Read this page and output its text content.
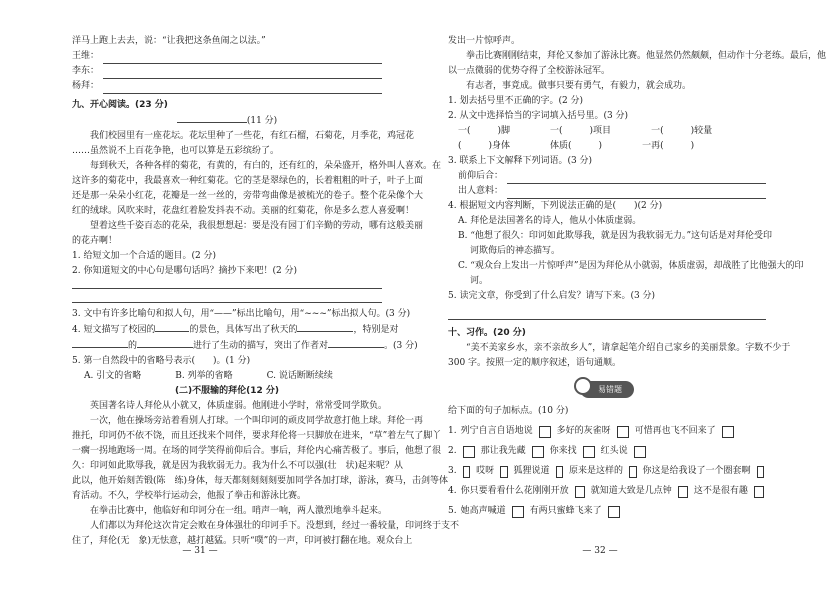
洋马上跑上去去，说：“让我把这条鱼闹之以法。”
王维：
李东：
杨拜：
九、开心阅读。(23 分)
(11 分)
我们校园里有一座花坛。花坛里种了一些花，有红石榴，石菊花，月季花，鸡冠花
……虽然说不上百花争艳，也可以算是五彩缤纷了。
每到秋天，各种各样的菊花，有黄的，有白的，还有红的，朵朵盛开，格外叫人喜欢。在
这许多的菊花中，我最喜欢一种红菊花。它的茎是翠绿色的，长着粗粗的叶子，叶子上面
还是那一朵朵小红花，花瓣是一丝一丝的，旁带弯曲像是被梳光的卷子。整个花朵像个大
红的绒球。风吹来时，花盘红着脸发抖表不动。美丽的红菊花，你是多么惹人喜爱啊！
望着这些千姿百态的花朵，我很想想起：要是没有园丁们辛勤的劳动，哪有这般美丽
的花卉啊！
1. 给短文加一个合适的题目。(2 分)
2. 你知道短文的中心句是哪句话吗？摘抄下来吧！(2 分)
3. 文中有许多比喻句和拟人句，用“——”标出比喻句，用“~~~”标出拟人句。(3 分)
4. 短文描写了校园的	的景色，具体写出了秋天的	，特别是对
的	进行了生动的描写，突出了作者对	。(3 分)
5. 第一自然段中的省略号表示(　　)。(1 分)
A. 引文的省略	B. 列举的省略	C. 说话断断续续
(二)不服输的拜伦(12 分)
英国著名诗人拜伦从小就又，体质虚弱。他刚进小学时，常常受同学欺负。
一次，他在操场旁站着看别人打球。一个叫印诃的顽皮同学故意打他上球。拜伦一再
推托，印诃仍不依不饶，而且还找来个同伴，要求拜伦将一只脚放在进来，“草”着左气了脚丫
一瘸一拐地跑场一周。在场的同学笑得前仰后合。事后，拜伦内心痛苦极了。事后，他想了很
久：印诃如此欺辱我，就是因为我软弱无力。我为什么不可以强(壮　状)起来呢？从
此以，他开始刻苦锻(陈　练)身体，每天都刻刻刻刻要加同学各加打球，游泳，赛马，击剑等体
育活动。不久，学校举行运动会，他报了拳击和游泳比赛。
在拳击比赛中，他临好和印诃分在一组。哨声一响，两人激烈地拳斗起来。
人们都以为拜伦这次肯定会败在身体强壮的印诃手下。没想到，经过一番较量，印诃终于支不
住了，拜伦(无　象)无怯意，越打越猛。只听“噗”的一声，印诃被打翻在地。观众台上
— 31 —
发出一片惊呼声。
拳击比赛刚刚结束，拜伦又参加了游泳比赛。他显然仍然颇颇，但动作十分老练。最后，他
以一点微弱的优势夺得了全校游泳冠军。
有志者，事竟成。做事只要有勇气，有毅力，就会成功。
1. 划去括号里不正确的字。(2 分)
2. 从文中选择恰当的字词填入括号里。(3 分)
一(　　　)脚	一(　　　)项目	一(　　　)较量
(　　　)身体	体质(　　　)	一再(　　　)
3. 联系上下文解释下列词语。(3 分)
前仰后合：
出人意料：
4. 根据短文内容判断，下列说法正确的是(　　)(2 分)
A. 拜伦是法国著名的诗人，他从小体质虚弱。
B. “他想了很久：印诃如此欺辱我，就是因为我软弱无力。”这句话是对拜伦受印
诃欺侮后的神态描写。
C. “观众台上发出一片惊呼声”是因为拜伦从小就弱，体质虚弱，却战胜了比他强大的印
诃。
5. 读完文章，你受到了什么启发？请写下来。(3 分)
十、习作。(20 分)
“美不美家乡水，亲不亲故乡人”，请拿起笔介绍自己家乡的美丽景象。字数不少于
300 字。按照一定的顺序叙述，语句通顺。
易错题
给下面的句子加标点。(10 分)
1. 列宁自言自语地说	多好的灰雀呀	可惜再也飞不回来了
2.	那让我先藏	你来找	红头说
3. 哎呀 狐狸说道 原来是这样的 你这是给我设了一个圈套啊
4. 你只要看看什么花刚刚开放 就知道大致是几点钟 这不是很有趣
5. 她高声喊道	有两只蜜蜂飞来了
— 32 —
